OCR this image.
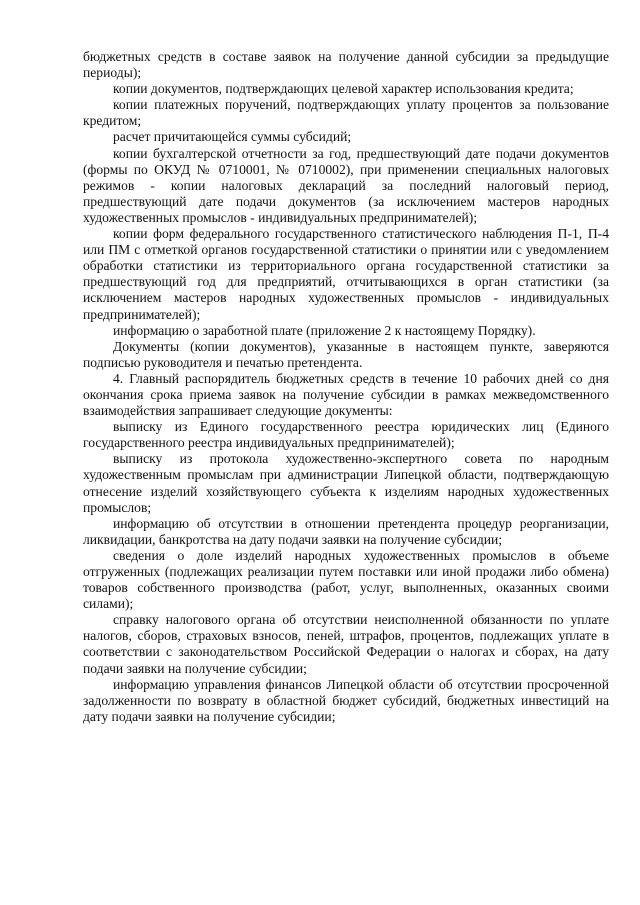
бюджетных средств в составе заявок на получение данной субсидии за предыдущие периоды);

копии документов, подтверждающих целевой характер использования кредита;

копии платежных поручений, подтверждающих уплату процентов за пользование кредитом;

расчет причитающейся суммы субсидий;

копии бухгалтерской отчетности за год, предшествующий дате подачи документов (формы по ОКУД № 0710001, № 0710002), при применении специальных налоговых режимов - копии налоговых деклараций за последний налоговый период, предшествующий дате подачи документов (за исключением мастеров народных художественных промыслов - индивидуальных предпринимателей);

копии форм федерального государственного статистического наблюдения П-1, П-4 или ПМ с отметкой органов государственной статистики о принятии или с уведомлением обработки статистики из территориального органа государственной статистики за предшествующий год для предприятий, отчитывающихся в орган статистики (за исключением мастеров народных художественных промыслов - индивидуальных предпринимателей);

информацию о заработной плате (приложение 2 к настоящему Порядку).

Документы (копии документов), указанные в настоящем пункте, заверяются подписью руководителя и печатью претендента.

4. Главный распорядитель бюджетных средств в течение 10 рабочих дней со дня окончания срока приема заявок на получение субсидии в рамках межведомственного взаимодействия запрашивает следующие документы:

выписку из Единого государственного реестра юридических лиц (Единого государственного реестра индивидуальных предпринимателей);

выписку из протокола художественно-экспертного совета по народным художественным промыслам при администрации Липецкой области, подтверждающую отнесение изделий хозяйствующего субъекта к изделиям народных художественных промыслов;

информацию об отсутствии в отношении претендента процедур реорганизации, ликвидации, банкротства на дату подачи заявки на получение субсидии;

сведения о доле изделий народных художественных промыслов в объеме отгруженных (подлежащих реализации путем поставки или иной продажи либо обмена) товаров собственного производства (работ, услуг, выполненных, оказанных своими силами);

справку налогового органа об отсутствии неисполненной обязанности по уплате налогов, сборов, страховых взносов, пеней, штрафов, процентов, подлежащих уплате в соответствии с законодательством Российской Федерации о налогах и сборах, на дату подачи заявки на получение субсидии;

информацию управления финансов Липецкой области об отсутствии просроченной задолженности по возврату в областной бюджет субсидий, бюджетных инвестиций на дату подачи заявки на получение субсидии;
